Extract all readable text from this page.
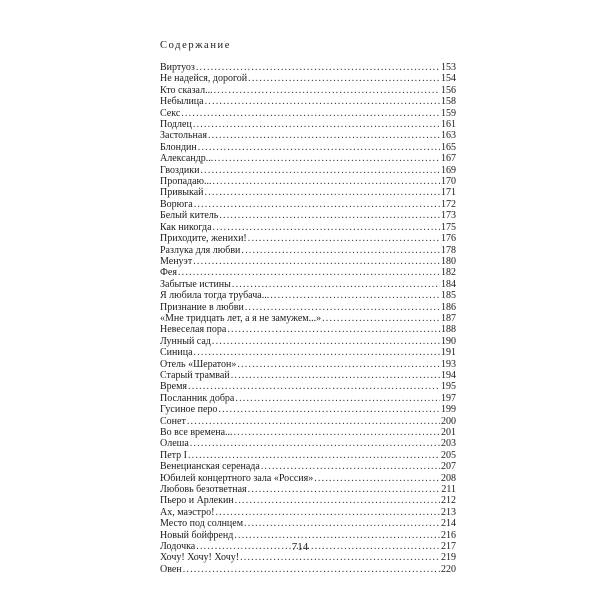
Содержание
Виртуоз .....	153
Не надейся, дорогой .....	154
Кто сказал... .....	156
Небылица .....	158
Секс .....	159
Подлец .....	161
Застольная .....	163
Блондин .....	165
Александр... .....	167
Гвоздики .....	169
Пропадаю... .....	170
Привыкай .....	171
Ворюга .....	172
Белый китель .....	173
Как никогда .....	175
Приходите, женихи! .....	176
Разлука для любви .....	178
Менуэт .....	180
Фея .....	182
Забытые истины .....	184
Я любила тогда трубача... .....	185
Признание в любви .....	186
«Мне тридцать лет, а я не замужем...» .....	187
Невеселая пора .....	188
Лунный сад .....	190
Синица .....	191
Отель «Шератон» .....	193
Старый трамвай .....	194
Время .....	195
Посланник добра .....	197
Гусиное перо .....	199
Сонет .....	200
Во все времена... .....	201
Олеша .....	203
Петр I .....	205
Венецианская серенада .....	207
Юбилей концертного зала «Россия» .....	208
Любовь безответная .....	211
Пьеро и Арлекин .....	212
Ах, маэстро! .....	213
Место под солнцем .....	214
Новый бойфренд .....	216
Лодочка .....	217
Хочу! Хочу! Хочу! .....	219
Овен .....	220
714
